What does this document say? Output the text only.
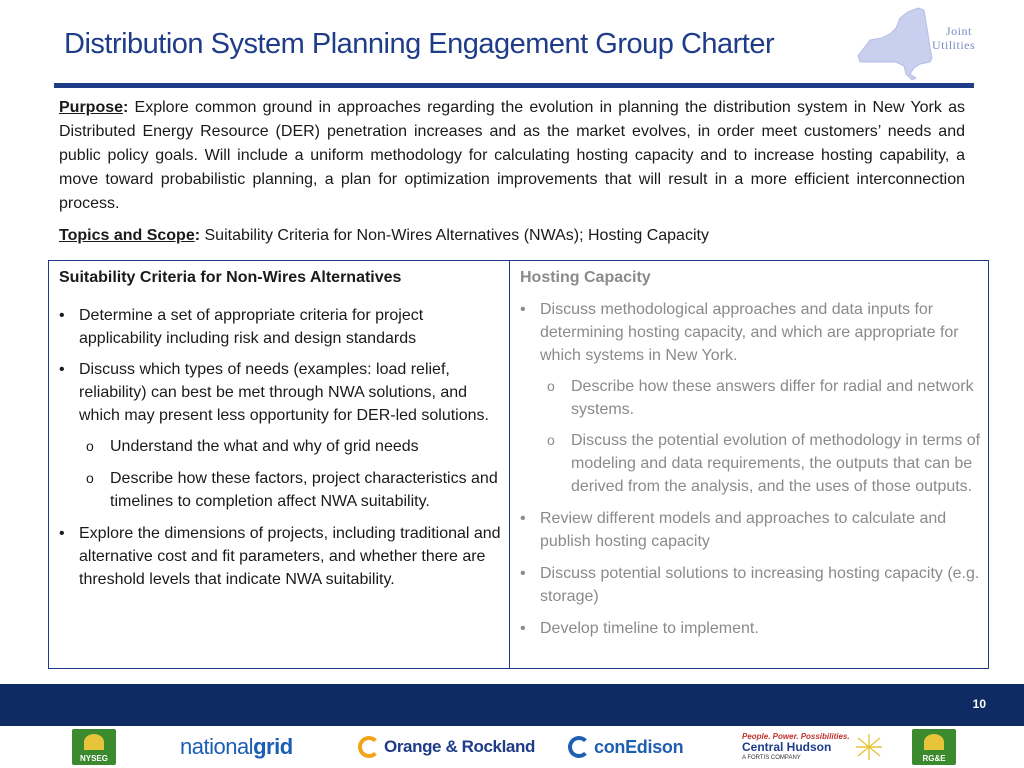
Distribution System Planning Engagement Group Charter	Joint
Utilities

Purpose: Explore common ground in approaches regarding the evolution in planning the distribution system in New York as Distributed Energy Resource (DER) penetration increases and as the market evolves, in order meet customers’ needs and public policy goals. Will include a uniform methodology for calculating hosting capacity and to increase hosting capability, a move toward probabilistic planning, a plan for optimization improvements that will result in a more efficient interconnection process.

Topics and Scope: Suitability Criteria for Non-Wires Alternatives (NWAs); Hosting Capacity

Suitability Criteria for Non-Wires Alternatives
• Determine a set of appropriate criteria for project applicability including risk and design standards
• Discuss which types of needs (examples: load relief, reliability) can best be met through NWA solutions, and which may present less opportunity for DER-led solutions.
o Understand the what and why of grid needs
o Describe how these factors, project characteristics and timelines to completion affect NWA suitability.
• Explore the dimensions of projects, including traditional and alternative cost and fit parameters, and whether there are threshold levels that indicate NWA suitability.
Hosting Capacity
• Discuss methodological approaches and data inputs for determining hosting capacity, and which are appropriate for which systems in New York.
o Describe how these answers differ for radial and network systems.
o Discuss the potential evolution of methodology in terms of modeling and data requirements, the outputs that can be derived from the analysis, and the uses of those outputs.
• Review different models and approaches to calculate and publish hosting capacity
• Discuss potential solutions to increasing hosting capacity (e.g. storage)
• Develop timeline to implement.
10
NYSEG	nationalgrid	Orange & Rockland	conEdison
People. Power. Possibilities.
Central Hudson
A FORTIS COMPANY	RG&E
